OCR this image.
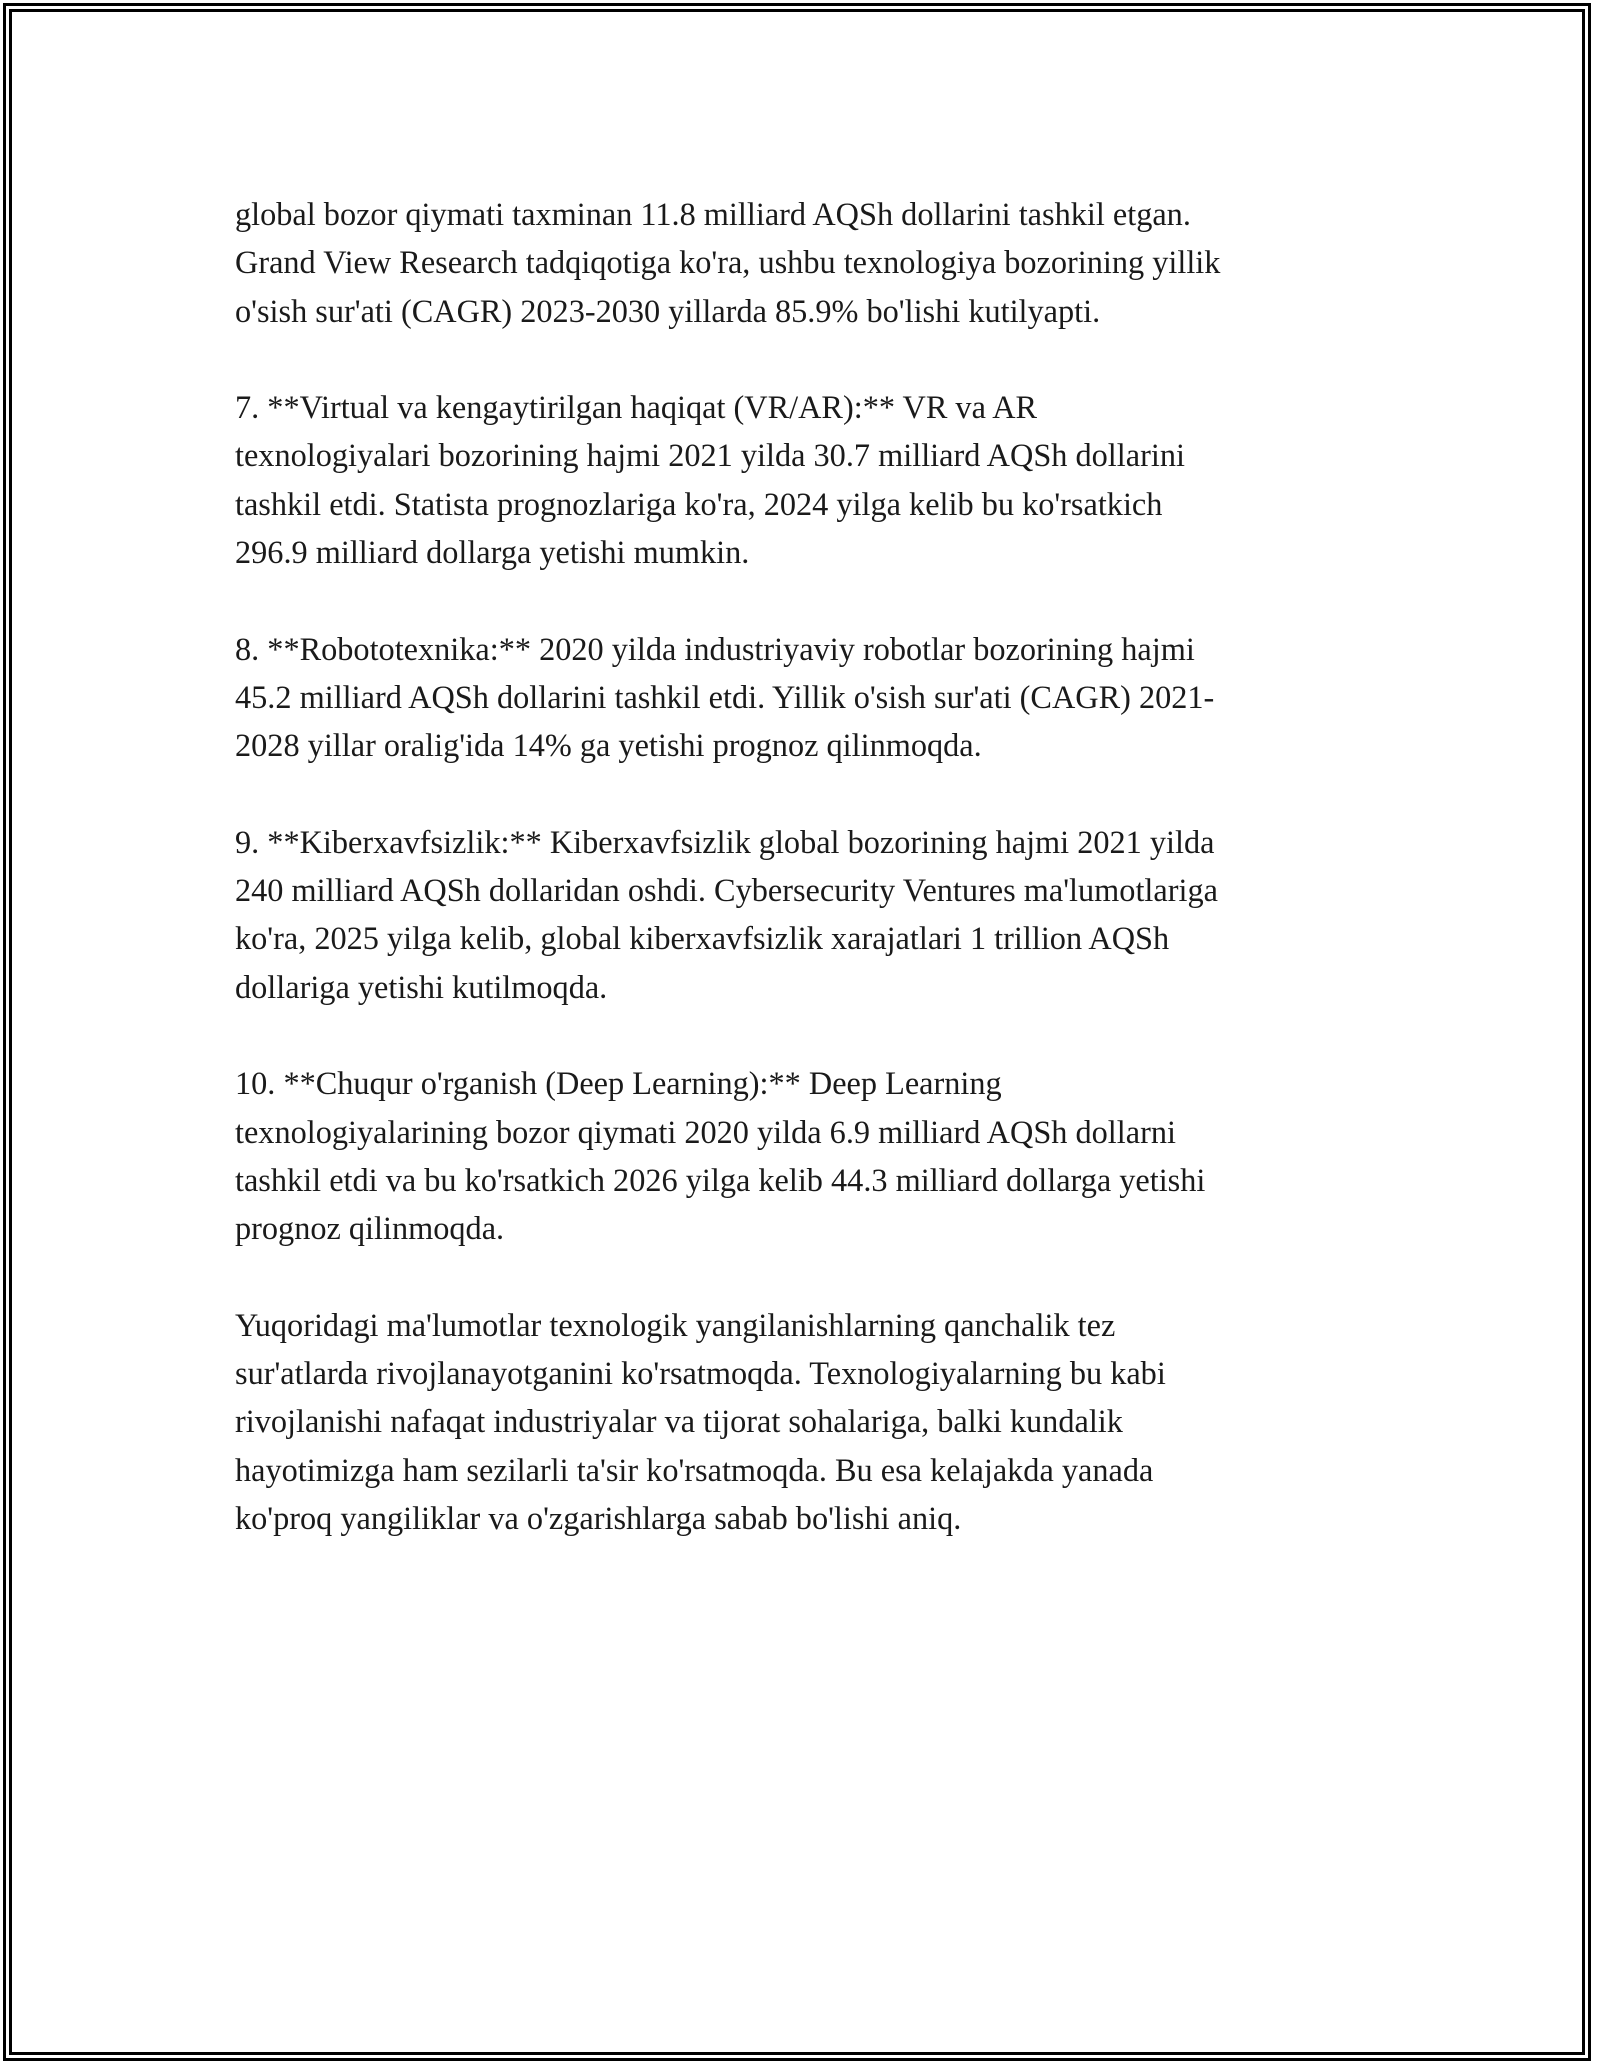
global bozor qiymati taxminan 11.8 milliard AQSh dollarini tashkil etgan.
Grand View Research tadqiqotiga ko'ra, ushbu texnologiya bozorining yillik
o'sish sur'ati (CAGR) 2023-2030 yillarda 85.9% bo'lishi kutilyapti.

7. **Virtual va kengaytirilgan haqiqat (VR/AR):** VR va AR
texnologiyalari bozorining hajmi 2021 yilda 30.7 milliard AQSh dollarini
tashkil etdi. Statista prognozlariga ko'ra, 2024 yilga kelib bu ko'rsatkich
296.9 milliard dollarga yetishi mumkin.

8. **Robototexnika:** 2020 yilda industriyaviy robotlar bozorining hajmi
45.2 milliard AQSh dollarini tashkil etdi. Yillik o'sish sur'ati (CAGR) 2021-
2028 yillar oralig'ida 14% ga yetishi prognoz qilinmoqda.

9. **Kiberxavfsizlik:** Kiberxavfsizlik global bozorining hajmi 2021 yilda
240 milliard AQSh dollaridan oshdi. Cybersecurity Ventures ma'lumotlariga
ko'ra, 2025 yilga kelib, global kiberxavfsizlik xarajatlari 1 trillion AQSh
dollariga yetishi kutilmoqda.

10. **Chuqur o'rganish (Deep Learning):** Deep Learning
texnologiyalarining bozor qiymati 2020 yilda 6.9 milliard AQSh dollarni
tashkil etdi va bu ko'rsatkich 2026 yilga kelib 44.3 milliard dollarga yetishi
prognoz qilinmoqda.

Yuqoridagi ma'lumotlar texnologik yangilanishlarning qanchalik tez
sur'atlarda rivojlanayotganini ko'rsatmoqda. Texnologiyalarning bu kabi
rivojlanishi nafaqat industriyalar va tijorat sohalariga, balki kundalik
hayotimizga ham sezilarli ta'sir ko'rsatmoqda. Bu esa kelajakda yanada
ko'proq yangiliklar va o'zgarishlarga sabab bo'lishi aniq.
